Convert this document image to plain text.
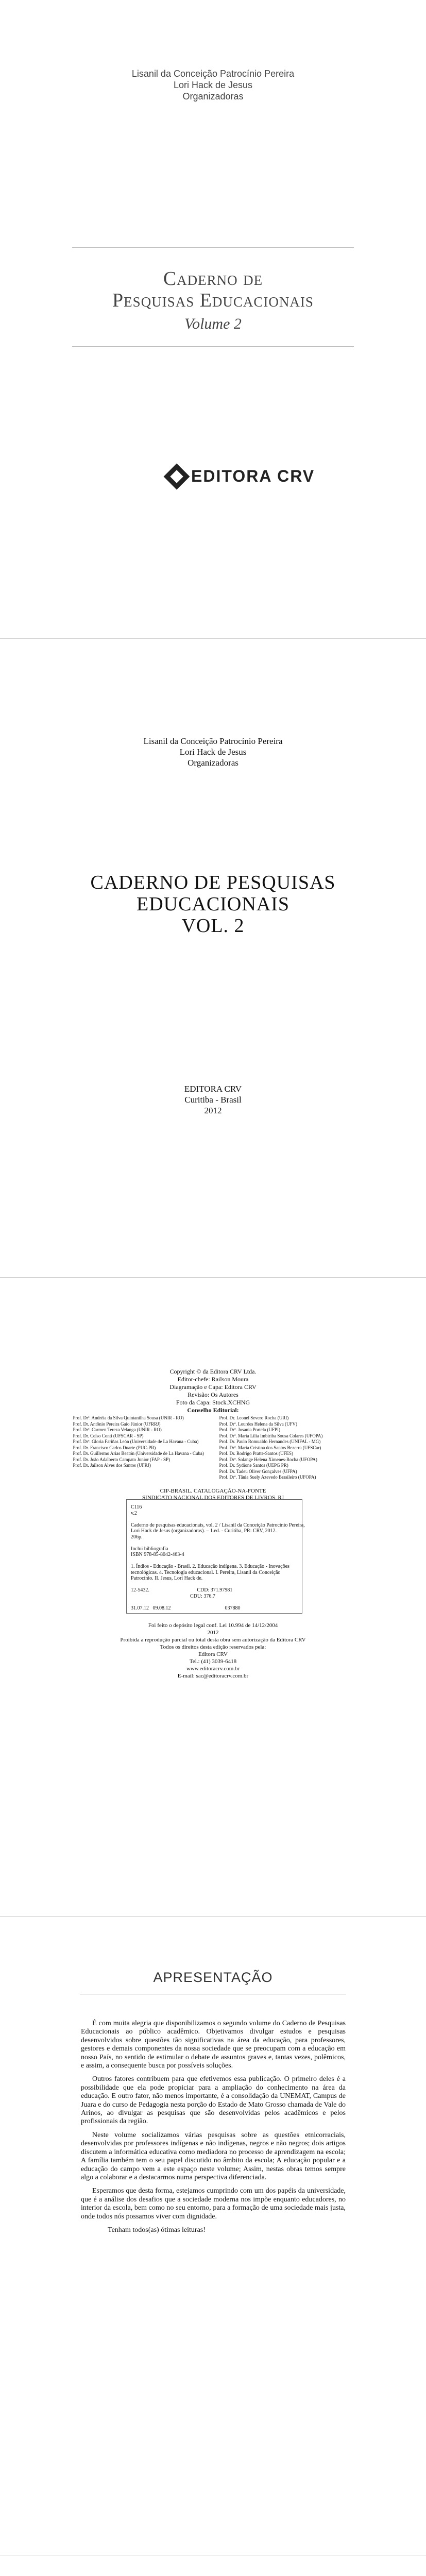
Lisanil da Conceição Patrocínio Pereira
Lori Hack de Jesus
Organizadoras
Caderno de
Pesquisas Educacionais
Volume 2
EDITORA CRV
Lisanil da Conceição Patrocínio Pereira
Lori Hack de Jesus
Organizadoras
CADERNO DE PESQUISAS
EDUCACIONAIS
VOL. 2
EDITORA CRV
Curitiba - Brasil
2012
Copyright © da Editora CRV Ltda.
Editor-chefe: Railson Moura
Diagramação e Capa: Editora CRV
Revisão: Os Autores
Foto da Capa: Stock.XCHNG
Conselho Editorial:
Prof. Drª. Andréia da Silva Quintanilha Sousa (UNIR - RO)
Prof. Dr. Antônio Pereira Gaio Júnior (UFRRJ)
Prof. Drª. Carmen Tereza Velanga (UNIR - RO)
Prof. Dr. Celso Conti (UFSCAR - SP)
Prof. Drª. Gloria Fariñas León (Universidade de La Havana - Cuba)
Prof. Dr. Francisco Carlos Duarte (PUC-PR)
Prof. Dr. Guillermo Arias Beatón (Universidade de La Havana - Cuba)
Prof. Dr. João Adalberto Campato Junior (FAP - SP)
Prof. Dr. Jailson Alves dos Santos (UFRJ)
Prof. Dr. Leonel Severo Rocha (URI)
Prof. Drª. Lourdes Helena da Silva (UFV)
Prof. Drª. Josania Portela (UFPI)
Prof. Drª. Maria Lília Imbiriba Sousa Colares (UFOPA)
Prof. Dr. Paulo Romualdo Hernandes (UNIFAL - MG)
Prof. Drª. Maria Cristina dos Santos Bezerra (UFSCar)
Prof. Dr. Rodrigo Pratte-Santos (UFES)
Prof. Drª. Solange Helena Ximenes-Rocha (UFOPA)
Prof. Dr. Sydione Santos (UEPG PR)
Prof. Dr. Tadeu Oliver Gonçalves (UFPA)
Prof. Drª. Tânia Suely Azevedo Brasileiro (UFOPA)
CIP-BRASIL. CATALOGAÇÃO-NA-FONTE
SINDICATO NACIONAL DOS EDITORES DE LIVROS, RJ
C116
v.2
Caderno de pesquisas educacionais, vol. 2 / Lisanil da Conceição Patrocínio Pereira,
Lori Hack de Jesus (organizadoras). – 1.ed. - Curitiba, PR: CRV, 2012.
206p.
Inclui bibliografia
ISBN 978-85-8042-463-4
1. Índios - Educação - Brasil. 2. Educação indígena. 3. Educação - Inovações
tecnológicas. 4. Tecnologia educacional. I. Pereira, Lisanil da Conceição
Patrocínio. II. Jesus, Lori Hack de.
12-5432.                                     CDD: 371.97981
CDU: 376.7
31.07.12   09.08.12                                          037880
Foi feito o depósito legal conf. Lei 10.994 de 14/12/2004
2012
Proibida a reprodução parcial ou total desta obra sem autorização da Editora CRV
Todos os direitos desta edição reservados pela:
Editora CRV
Tel.: (41) 3039-6418
www.editoracrv.com.br
E-mail: sac@editoracrv.com.br
APRESENTAÇÃO

É com muita alegria que disponibilizamos o segundo volume do Caderno de Pesquisas Educacionais ao público acadêmico. Objetivamos divulgar estudos e pesquisas desenvolvidos sobre questões tão significativas na área da educação, para professores, gestores e demais componentes da nossa sociedade que se preocupam com a educação em nosso País, no sentido de estimular o debate de assuntos graves e, tantas vezes, polêmicos, e assim, a consequente busca por possíveis soluções.

Outros fatores contribuem para que efetivemos essa publicação. O primeiro deles é a possibilidade que ela pode propiciar para a ampliação do conhecimento na área da educação. E outro fator, não menos importante, é a consolidação da UNEMAT, Campus de Juara e do curso de Pedagogia nesta porção do Estado de Mato Grosso chamada de Vale do Arinos, ao divulgar as pesquisas que são desenvolvidas pelos acadêmicos e pelos profissionais da região.

Neste volume socializamos várias pesquisas sobre as questões etnicorraciais, desenvolvidas por professores indígenas e não indígenas, negros e não negros; dois artigos discutem a informática educativa como mediadora no processo de aprendizagem na escola; A família também tem o seu papel discutido no âmbito da escola; A educação popular e a educação do campo vem a este espaço neste volume; Assim, nestas obras temos sempre algo a colaborar e a destacarmos numa perspectiva diferenciada.

Esperamos que desta forma, estejamos cumprindo com um dos papéis da universidade, que é a análise dos desafios que a sociedade moderna nos impõe enquanto educadores, no interior da escola, bem como no seu entorno, para a formação de uma sociedade mais justa, onde todos nós possamos viver com dignidade.

Tenham todos(as) ótimas leituras!
